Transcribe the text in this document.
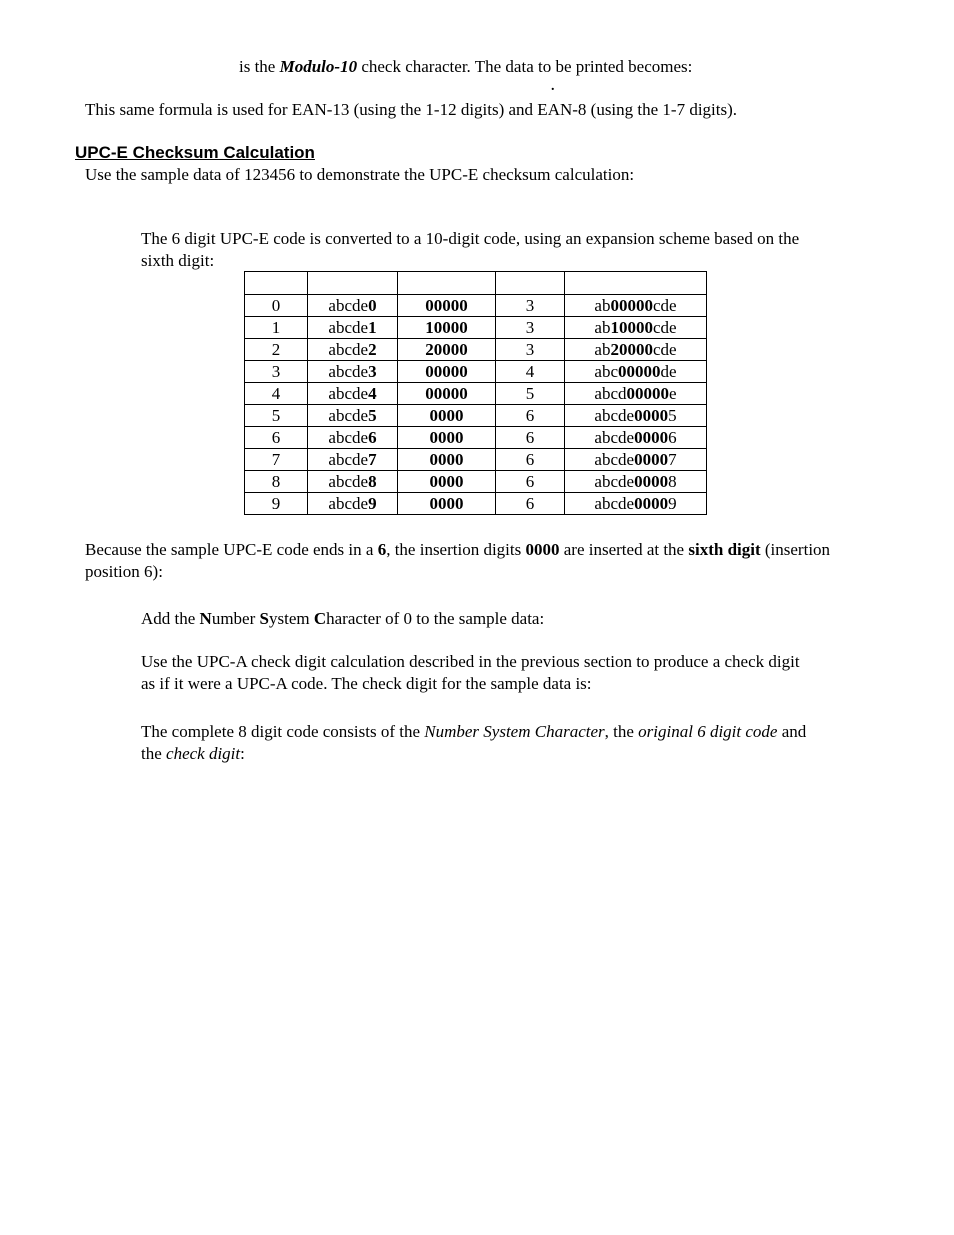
is the Modulo-10 check character. The data to be printed becomes:
.
This same formula is used for EAN-13 (using the 1-12 digits) and EAN-8 (using the 1-7 digits).
UPC-E Checksum Calculation
Use the sample data of 123456 to demonstrate the UPC-E checksum calculation:
The 6 digit UPC-E code is converted to a 10-digit code, using an expansion scheme based on the
sixth digit:

0	abcde0	00000	3	ab00000cde
1	abcde1	10000	3	ab10000cde
2	abcde2	20000	3	ab20000cde
3	abcde3	00000	4	abc00000de
4	abcde4	00000	5	abcd00000e
5	abcde5	0000	6	abcde00005
6	abcde6	0000	6	abcde00006
7	abcde7	0000	6	abcde00007
8	abcde8	0000	6	abcde00008
9	abcde9	0000	6	abcde00009
Because the sample UPC-E code ends in a 6, the insertion digits 0000 are inserted at the sixth digit (insertion
position 6):
Add the Number System Character of 0 to the sample data:
Use the UPC-A check digit calculation described in the previous section to produce a check digit
as if it were a UPC-A code. The check digit for the sample data is:
The complete 8 digit code consists of the Number System Character, the original 6 digit code and
the check digit:
